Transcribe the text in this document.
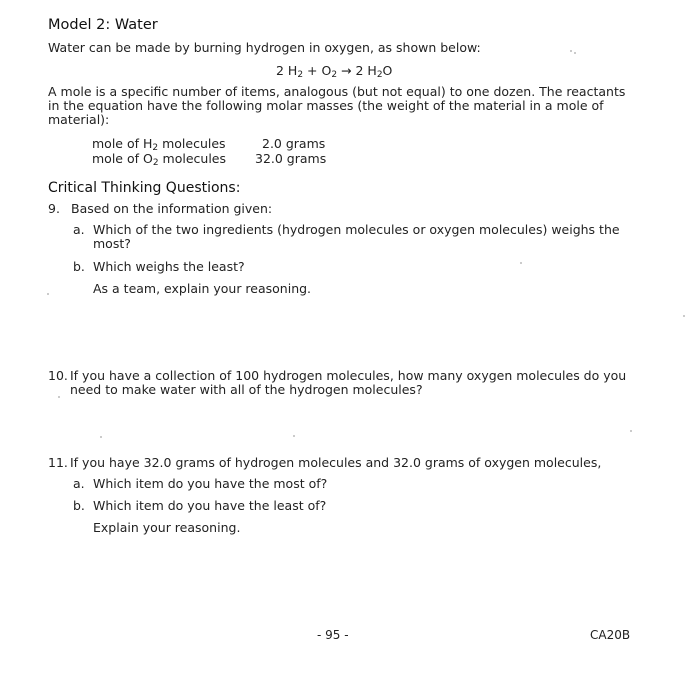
Model 2: Water
Water can be made by burning hydrogen in oxygen, as shown below:
2 $H_2 + O_2 \to 2$ $H_2O$
A mole is a specific number of items, analogous (but not equal) to one dozen. The reactants
in the equation have the following molar masses (the weight of the material in a mole of
material):
mole of $H_2$ molecules	2.0 grams
mole of $O_2$ molecules 32.0 grams
Critical Thinking Questions:
9. Based on the information given:
a. Which of the two ingredients (hydrogen molecules or oxygen molecules) weighs the
most?
b. Which weighs the least?
As a team, explain your reasoning.
10. If you have a collection of 100 hydrogen molecules, how many oxygen molecules do you
need to make water with all of the hydrogen molecules?
11. If you haye 32.0 grams of hydrogen molecules and 32.0 grams of oxygen molecules,
a. Which item do you have the most of?
b. Which item do you have the least of?
Explain your reasoning.
- 95 -	CA20B
